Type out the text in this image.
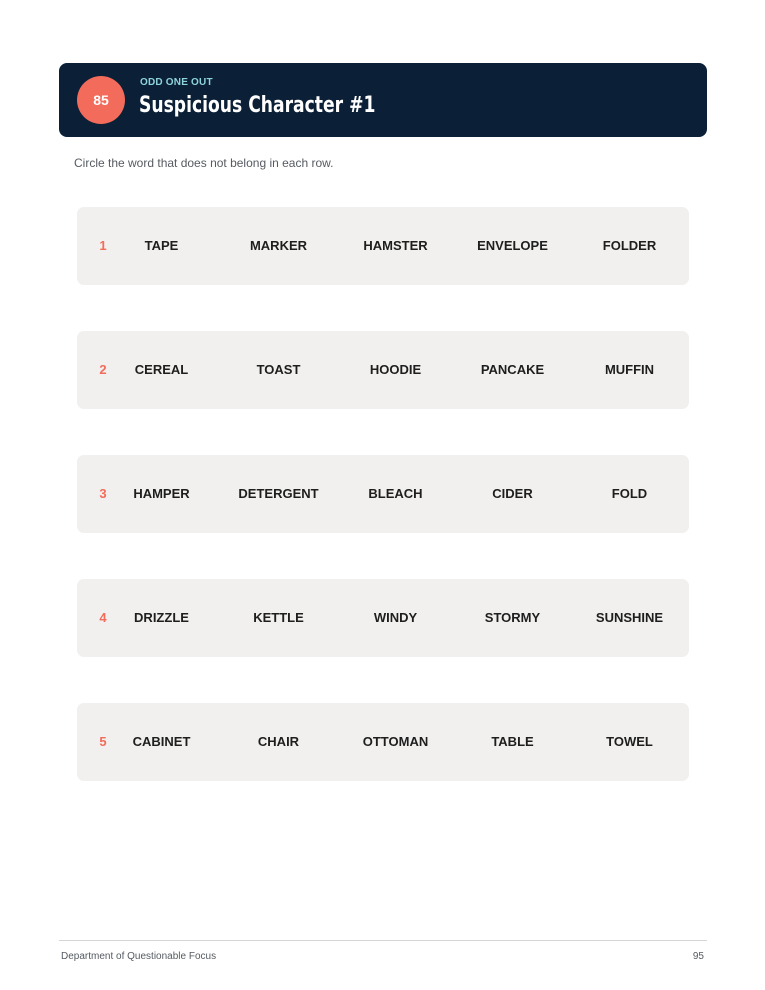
85
ODD ONE OUT
Suspicious Character #1
Circle the word that does not belong in each row.
1	TAPE	MARKER	HAMSTER	ENVELOPE	FOLDER
2	CEREAL	TOAST	HOODIE	PANCAKE	MUFFIN
3	HAMPER	DETERGENT	BLEACH	CIDER	FOLD
4	DRIZZLE	KETTLE	WINDY	STORMY	SUNSHINE
5	CABINET	CHAIR	OTTOMAN	TABLE	TOWEL
Department of Questionable Focus	95
